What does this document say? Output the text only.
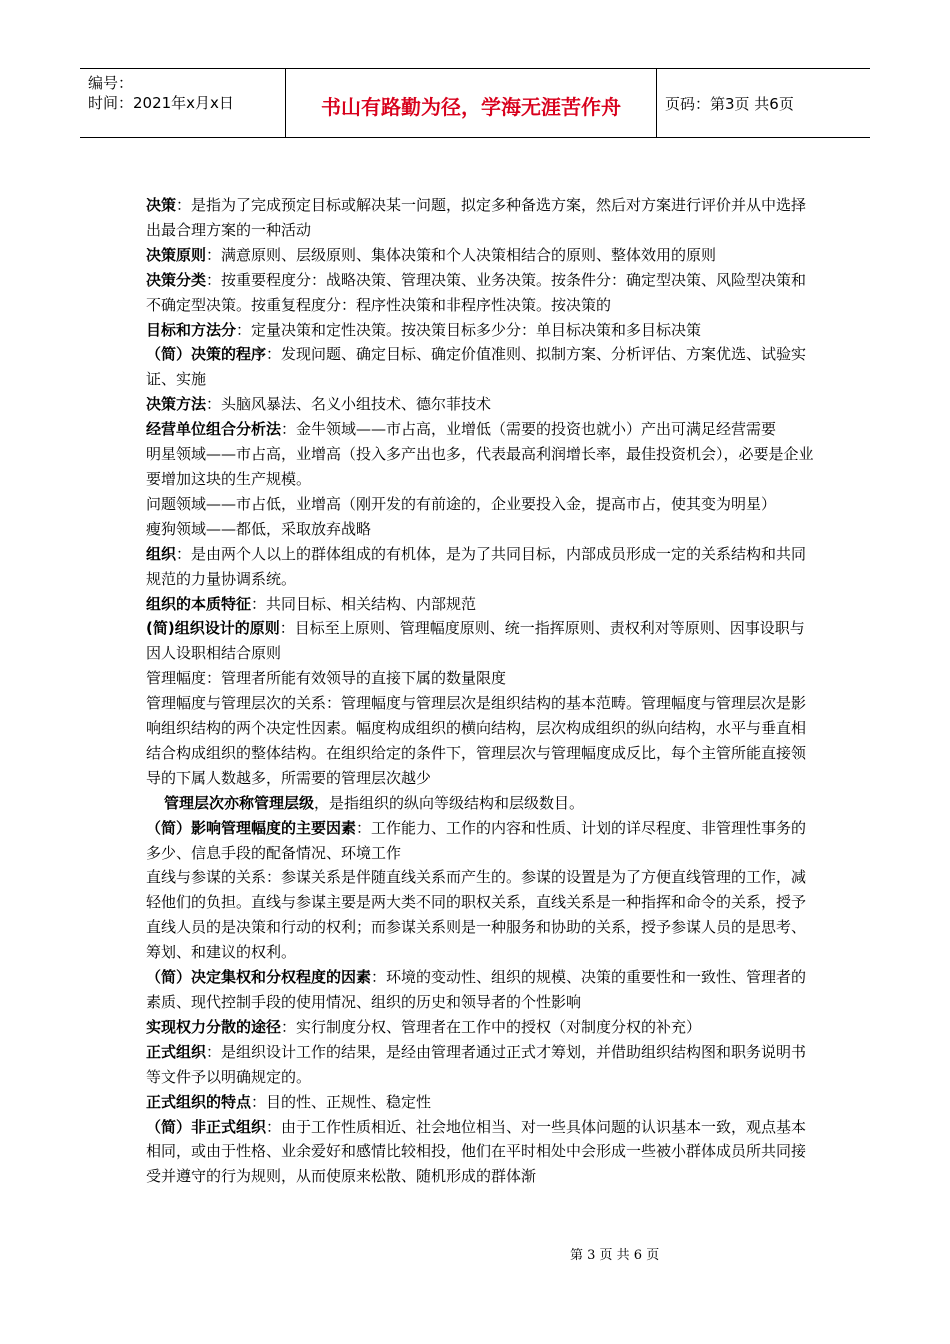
编号：
时间：2021年x月x日	书山有路勤为径，学海无涯苦作舟	页码：第3页 共6页

决策：是指为了完成预定目标或解决某一问题，拟定多种备选方案，然后对方案进行评价并从中选择出最合理方案的一种活动

决策原则：满意原则、层级原则、集体决策和个人决策相结合的原则、整体效用的原则

决策分类：按重要程度分：战略决策、管理决策、业务决策。按条件分：确定型决策、风险型决策和不确定型决策。按重复程度分：程序性决策和非程序性决策。按决策的

目标和方法分：定量决策和定性决策。按决策目标多少分：单目标决策和多目标决策

（简）决策的程序：发现问题、确定目标、确定价值准则、拟制方案、分析评估、方案优选、试验实证、实施

决策方法：头脑风暴法、名义小组技术、德尔菲技术

经营单位组合分析法：金牛领域——市占高，业增低（需要的投资也就小）产出可满足经营需要

明星领域——市占高，业增高（投入多产出也多，代表最高利润增长率，最佳投资机会），必要是企业要增加这块的生产规模。

问题领域——市占低，业增高（刚开发的有前途的，企业要投入金，提高市占，使其变为明星）

瘦狗领域——都低，采取放弃战略

组织：是由两个人以上的群体组成的有机体，是为了共同目标，内部成员形成一定的关系结构和共同规范的力量协调系统。

组织的本质特征：共同目标、相关结构、内部规范

(简)组织设计的原则：目标至上原则、管理幅度原则、统一指挥原则、责权利对等原则、因事设职与因人设职相结合原则

管理幅度：管理者所能有效领导的直接下属的数量限度

管理幅度与管理层次的关系：管理幅度与管理层次是组织结构的基本范畴。管理幅度与管理层次是影响组织结构的两个决定性因素。幅度构成组织的横向结构，层次构成组织的纵向结构，水平与垂直相结合构成组织的整体结构。在组织给定的条件下，管理层次与管理幅度成反比，每个主管所能直接领导的下属人数越多，所需要的管理层次越少

管理层次亦称管理层级，是指组织的纵向等级结构和层级数目。

（简）影响管理幅度的主要因素：工作能力、工作的内容和性质、计划的详尽程度、非管理性事务的多少、信息手段的配备情况、环境工作

直线与参谋的关系：参谋关系是伴随直线关系而产生的。参谋的设置是为了方便直线管理的工作，减轻他们的负担。直线与参谋主要是两大类不同的职权关系，直线关系是一种指挥和命令的关系，授予直线人员的是决策和行动的权利；而参谋关系则是一种服务和协助的关系，授予参谋人员的是思考、筹划、和建议的权利。

（简）决定集权和分权程度的因素：环境的变动性、组织的规模、决策的重要性和一致性、管理者的素质、现代控制手段的使用情况、组织的历史和领导者的个性影响

实现权力分散的途径：实行制度分权、管理者在工作中的授权（对制度分权的补充）

正式组织：是组织设计工作的结果，是经由管理者通过正式才筹划，并借助组织结构图和职务说明书等文件予以明确规定的。

正式组织的特点：目的性、正规性、稳定性

（简）非正式组织：由于工作性质相近、社会地位相当、对一些具体问题的认识基本一致，观点基本相同，或由于性格、业余爱好和感情比较相投，他们在平时相处中会形成一些被小群体成员所共同接受并遵守的行为规则，从而使原来松散、随机形成的群体渐

第 3 页 共 6 页
